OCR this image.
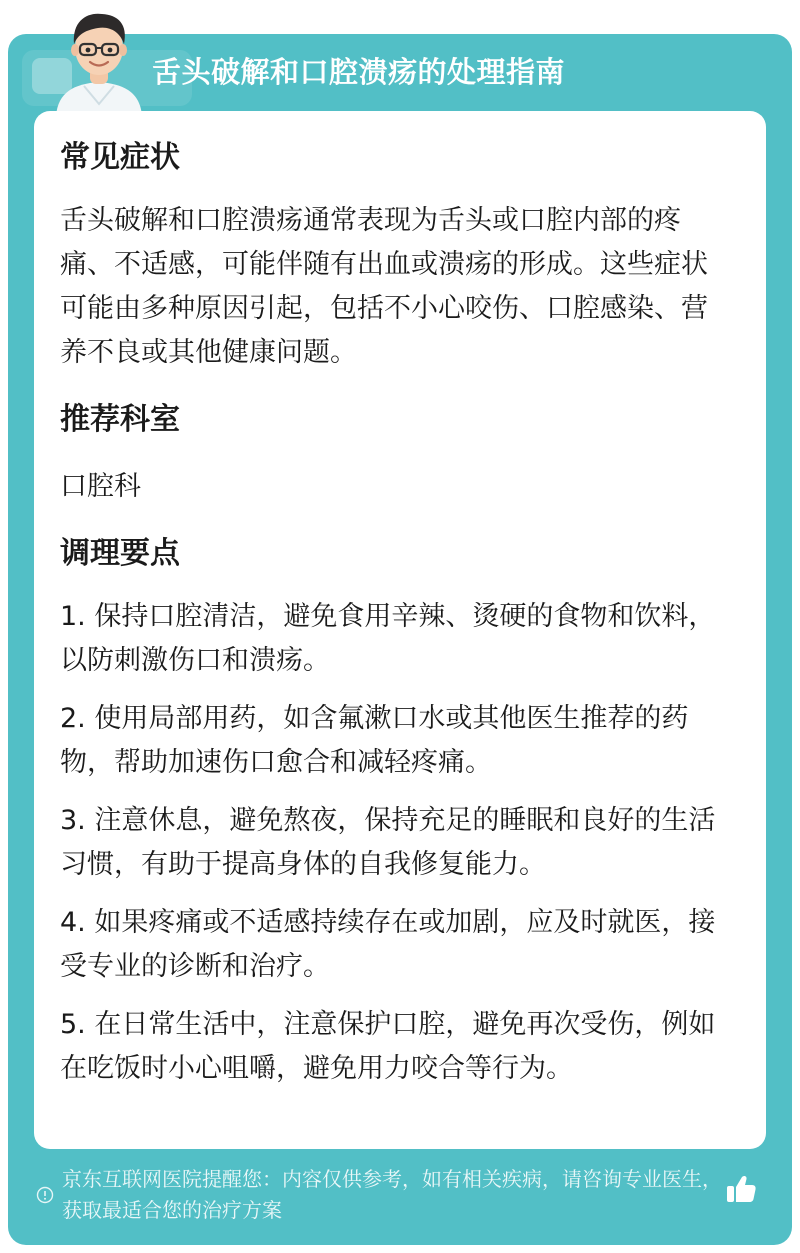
舌头破解和口腔溃疡的处理指南
常见症状

舌头破解和口腔溃疡通常表现为舌头或口腔内部的疼痛、不适感，可能伴随有出血或溃疡的形成。这些症状可能由多种原因引起，包括不小心咬伤、口腔感染、营养不良或其他健康问题。

推荐科室

口腔科

调理要点

1. 保持口腔清洁，避免食用辛辣、烫硬的食物和饮料，以防刺激伤口和溃疡。

2. 使用局部用药，如含氟漱口水或其他医生推荐的药物，帮助加速伤口愈合和减轻疼痛。

3. 注意休息，避免熬夜，保持充足的睡眠和良好的生活习惯，有助于提高身体的自我修复能力。

4. 如果疼痛或不适感持续存在或加剧，应及时就医，接受专业的诊断和治疗。

5. 在日常生活中，注意保护口腔，避免再次受伤，例如在吃饭时小心咀嚼，避免用力咬合等行为。

京东互联网医院提醒您：内容仅供参考，如有相关疾病，请咨询专业医生，获取最适合您的治疗方案
